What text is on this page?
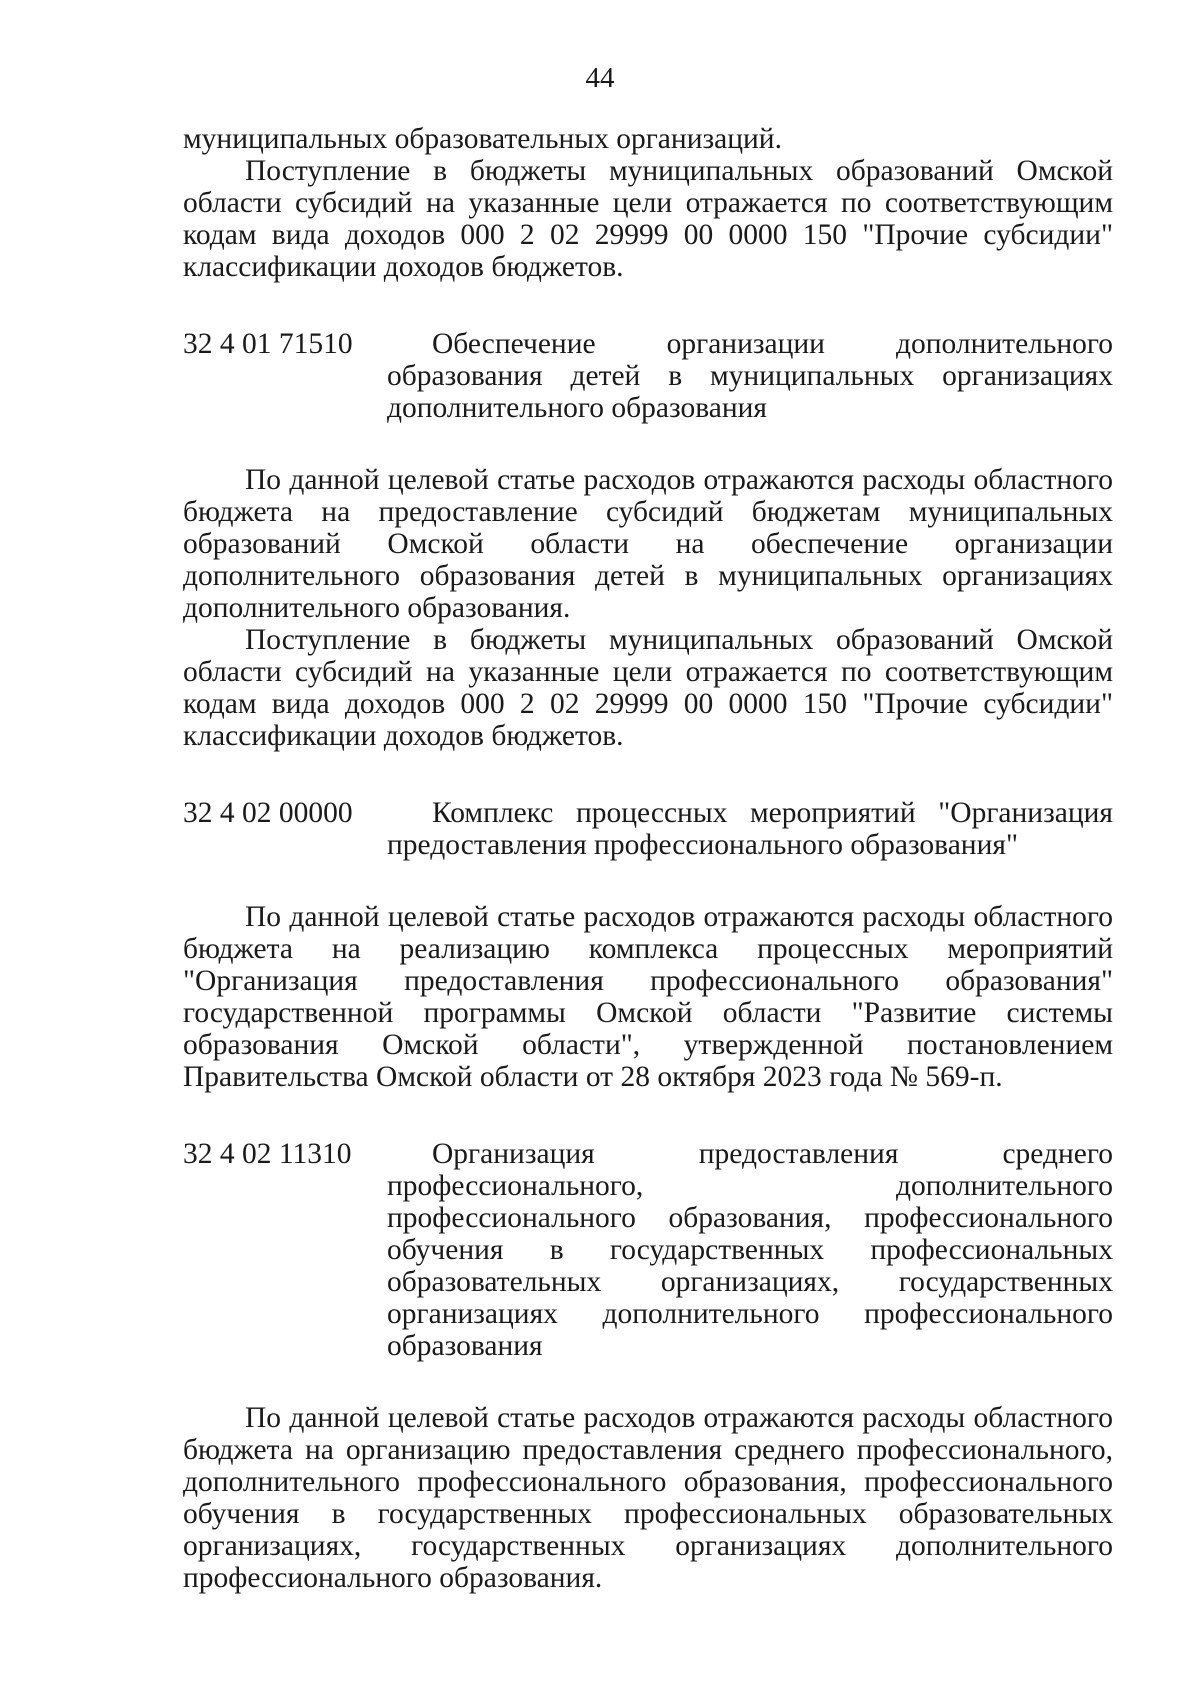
44

муниципальных образовательных организаций.

Поступление в бюджеты муниципальных образований Омской области субсидий на указанные цели отражается по соответствующим кодам вида доходов 000 2 02 29999 00 0000 150 "Прочие субсидии" классификации доходов бюджетов.

32 4 01 71510	Обеспечение организации дополнительного образования детей в муниципальных организациях дополнительного образования

По данной целевой статье расходов отражаются расходы областного бюджета на предоставление субсидий бюджетам муниципальных образований Омской области на обеспечение организации дополнительного образования детей в муниципальных организациях дополнительного образования.

Поступление в бюджеты муниципальных образований Омской области субсидий на указанные цели отражается по соответствующим кодам вида доходов 000 2 02 29999 00 0000 150 "Прочие субсидии" классификации доходов бюджетов.

32 4 02 00000	Комплекс процессных мероприятий "Организация предоставления профессионального образования"

По данной целевой статье расходов отражаются расходы областного бюджета на реализацию комплекса процессных мероприятий "Организация предоставления профессионального образования" государственной программы Омской области "Развитие системы образования Омской области", утвержденной постановлением Правительства Омской области от 28 октября 2023 года № 569-п.

32 4 02 11310	Организация предоставления среднего профессионального, дополнительного профессионального образования, профессионального обучения в государственных профессиональных образовательных организациях, государственных организациях дополнительного профессионального образования

По данной целевой статье расходов отражаются расходы областного бюджета на организацию предоставления среднего профессионального, дополнительного профессионального образования, профессионального обучения в государственных профессиональных образовательных организациях, государственных организациях дополнительного профессионального образования.
